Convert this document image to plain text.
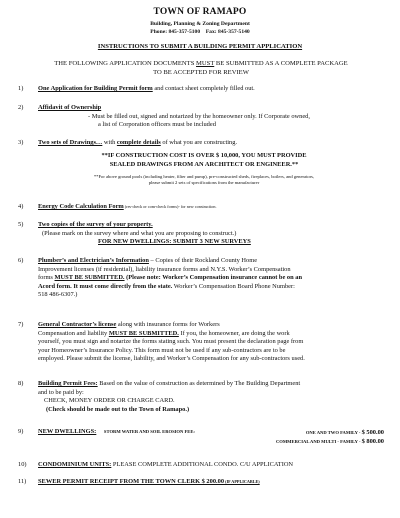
TOWN OF RAMAPO
Building, Planning & Zoning Department
Phone: 845-357-5100 Fax: 845-357-5140
INSTRUCTIONS TO SUBMIT A BUILDING PERMIT APPLICATION
THE FOLLOWING APPLICATION DOCUMENTS MUST BE SUBMITTED AS A COMPLETE PACKAGE
TO BE ACCEPTED FOR REVIEW
1) One Application for Building Permit form and contact sheet completely filled out.
2) Affidavit of Ownership
- Must be filled out, signed and notarized by the homeowner only. If Corporate owned,
a list of Corporation officers must be included
3) Two sets of Drawings… with complete details of what you are constructing.
**IF CONSTRUCTION COST IS OVER $ 10,000, YOU MUST PROVIDE
SEALED DRAWINGS FROM AN ARCHITECT OR ENGINEER.**
**For above ground pools (including heater, filter and pump), pre-constructed sheds, fireplaces, boilers, and generators,
please submit 2 sets of specifications from the manufacturer
4) Energy Code Calculation Form (res-check or com-check forms)- for new construction.
5) Two copies of the survey of your property.
(Please mark on the survey where and what you are proposing to construct.)
FOR NEW DWELLINGS: SUBMIT 3 NEW SURVEYS
6) Plumber’s and Electrician’s Information – Copies of their Rockland County Home
Improvement licenses (if residential), liability insurance forms and N.Y.S. Worker’s Compensation
forms MUST BE SUBMITTED. (Please note: Worker’s Compensation insurance cannot be on an
Acord form. It must come directly from the state. Worker’s Compensation Board Phone Number:
518 486-6307.)
7) General Contractor’s license along with insurance forms for Workers
Compensation and liability MUST BE SUBMITTED. If you, the homeowner, are doing the work
yourself, you must sign and notarize the forms stating such. You must present the declaration page from
your Homeowner’s Insurance Policy. This form must not be used if any sub-contractors are to be
employed. Please submit the license, liability, and Worker’s Compensation for any sub-contractors used.
8) Building Permit Fees: Based on the value of construction as determined by The Building Department
and to be paid by:
CHECK, MONEY ORDER OR CHARGE CARD.
(Check should be made out to the Town of Ramapo.)
9) NEW DWELLINGS: STORM WATER AND SOIL EROSION FEE:	ONE AND TWO FAMILY - $ 500.00
COMMERCIAL AND MULTI - FAMILY - $ 800.00
10) CONDOMINIUM UNITS: PLEASE COMPLETE ADDITIONAL CONDO. C/U APPLICATION
11) SEWER PERMIT RECEIPT FROM THE TOWN CLERK $ 200.00 (IF APPLICABLE)
